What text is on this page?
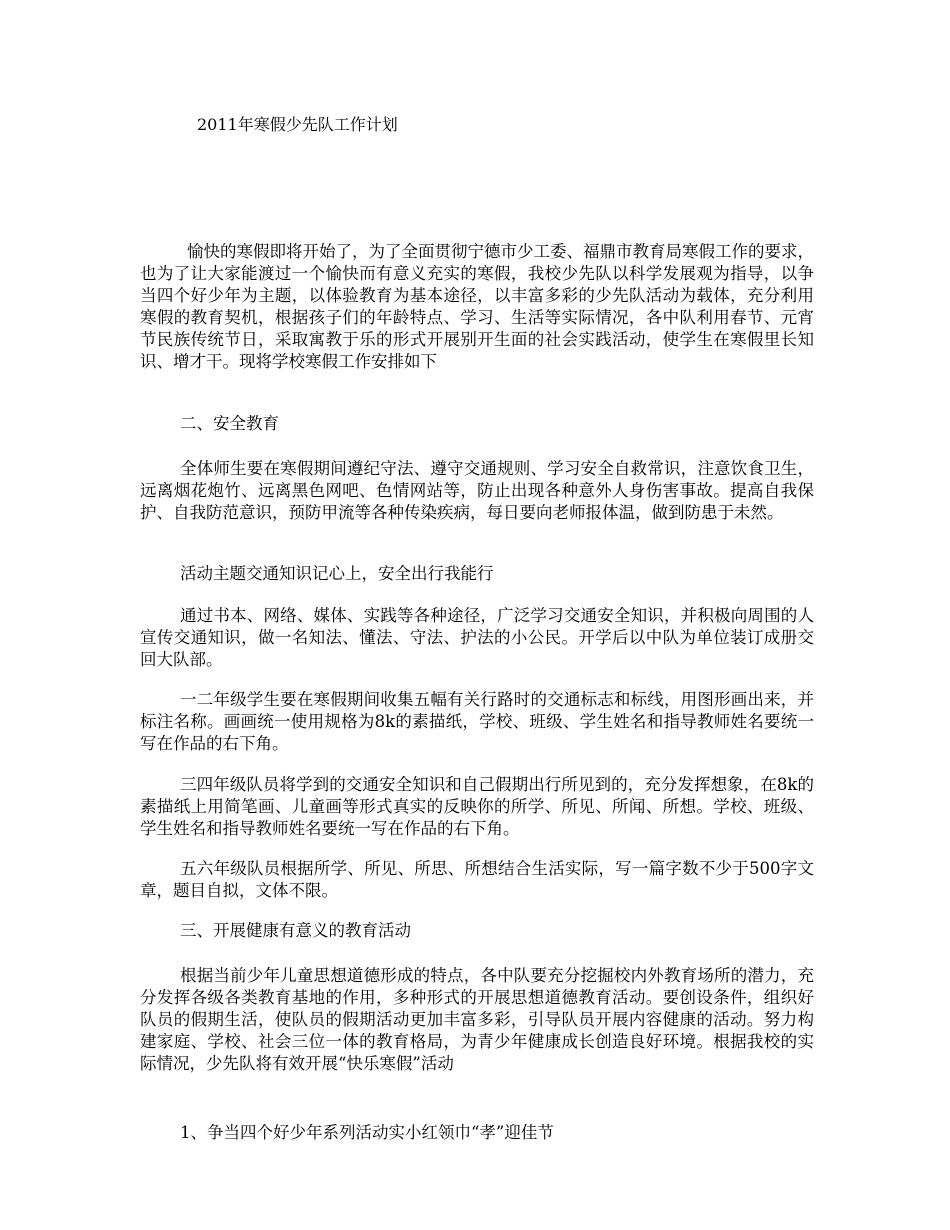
2011年寒假少先队工作计划
愉快的寒假即将开始了，为了全面贯彻宁德市少工委、福鼎市教育局寒假工作的要求，也为了让大家能渡过一个愉快而有意义充实的寒假，我校少先队以科学发展观为指导，以争当四个好少年为主题，以体验教育为基本途径，以丰富多彩的少先队活动为载体，充分利用寒假的教育契机，根据孩子们的年龄特点、学习、生活等实际情况，各中队利用春节、元宵节民族传统节日，采取寓教于乐的形式开展别开生面的社会实践活动，使学生在寒假里长知识、增才干。现将学校寒假工作安排如下
二、安全教育
全体师生要在寒假期间遵纪守法、遵守交通规则、学习安全自救常识，注意饮食卫生，远离烟花炮竹、远离黑色网吧、色情网站等，防止出现各种意外人身伤害事故。提高自我保护、自我防范意识，预防甲流等各种传染疾病，每日要向老师报体温，做到防患于未然。
活动主题交通知识记心上，安全出行我能行
通过书本、网络、媒体、实践等各种途径，广泛学习交通安全知识，并积极向周围的人宣传交通知识，做一名知法、懂法、守法、护法的小公民。开学后以中队为单位装订成册交回大队部。
一二年级学生要在寒假期间收集五幅有关行路时的交通标志和标线，用图形画出来，并标注名称。画画统一使用规格为8k的素描纸，学校、班级、学生姓名和指导教师姓名要统一写在作品的右下角。
三四年级队员将学到的交通安全知识和自己假期出行所见到的，充分发挥想象，在8k的素描纸上用简笔画、儿童画等形式真实的反映你的所学、所见、所闻、所想。学校、班级、学生姓名和指导教师姓名要统一写在作品的右下角。
五六年级队员根据所学、所见、所思、所想结合生活实际，写一篇字数不少于500字文章，题目自拟，文体不限。
三、开展健康有意义的教育活动
根据当前少年儿童思想道德形成的特点，各中队要充分挖掘校内外教育场所的潜力，充分发挥各级各类教育基地的作用，多种形式的开展思想道德教育活动。要创设条件，组织好队员的假期生活，使队员的假期活动更加丰富多彩，引导队员开展内容健康的活动。努力构建家庭、学校、社会三位一体的教育格局，为青少年健康成长创造良好环境。根据我校的实际情况，少先队将有效开展“快乐寒假”活动
1、争当四个好少年系列活动实小红领巾“孝”迎佳节
